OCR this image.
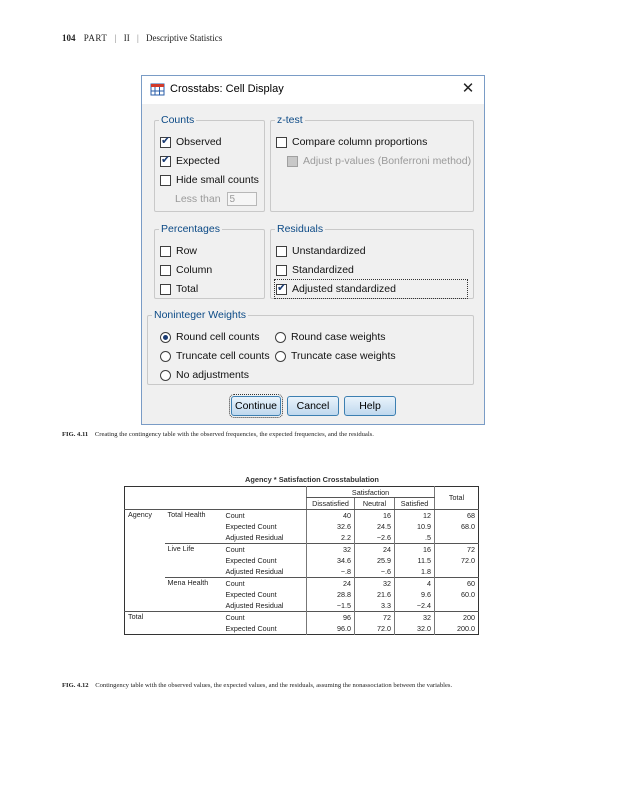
104 PART | II | Descriptive Statistics
Crosstabs: Cell Display	✕
Counts
✔
Observed
✔
Expected
Hide small counts
Less than 5
z-test
Compare column proportions
Adjust p-values (Bonferroni method)
Percentages
Row
Column
Total
Residuals
Unstandardized
Standardized
✔
Adjusted standardized
Noninteger Weights
Round cell counts	Round case weights
Truncate cell counts Truncate case weights
No adjustments
Continue	Cancel	Help
FIG. 4.11 Creating the contingency table with the observed frequencies, the expected frequencies, and the residuals.
Agency * Satisfaction Crosstabulation
			Satisfaction			Total
			Dissatisfied	Neutral	Satisfied	
Agency	Total Health	Count	40	16	12	68
		Expected Count	32.6	24.5	10.9	68.0
		Adjusted Residual	2.2	−2.6	.5	
	Live Life	Count	32	24	16	72
		Expected Count	34.6	25.9	11.5	72.0
		Adjusted Residual	−.8	−.6	1.8	
	Mena Health	Count	24	32	4	60
		Expected Count	28.8	21.6	9.6	60.0
		Adjusted Residual	−1.5	3.3	−2.4	
Total		Count	96	72	32	200
		Expected Count	96.0	72.0	32.0	200.0
FIG. 4.12 Contingency table with the observed values, the expected values, and the residuals, assuming the nonassociation between the variables.
